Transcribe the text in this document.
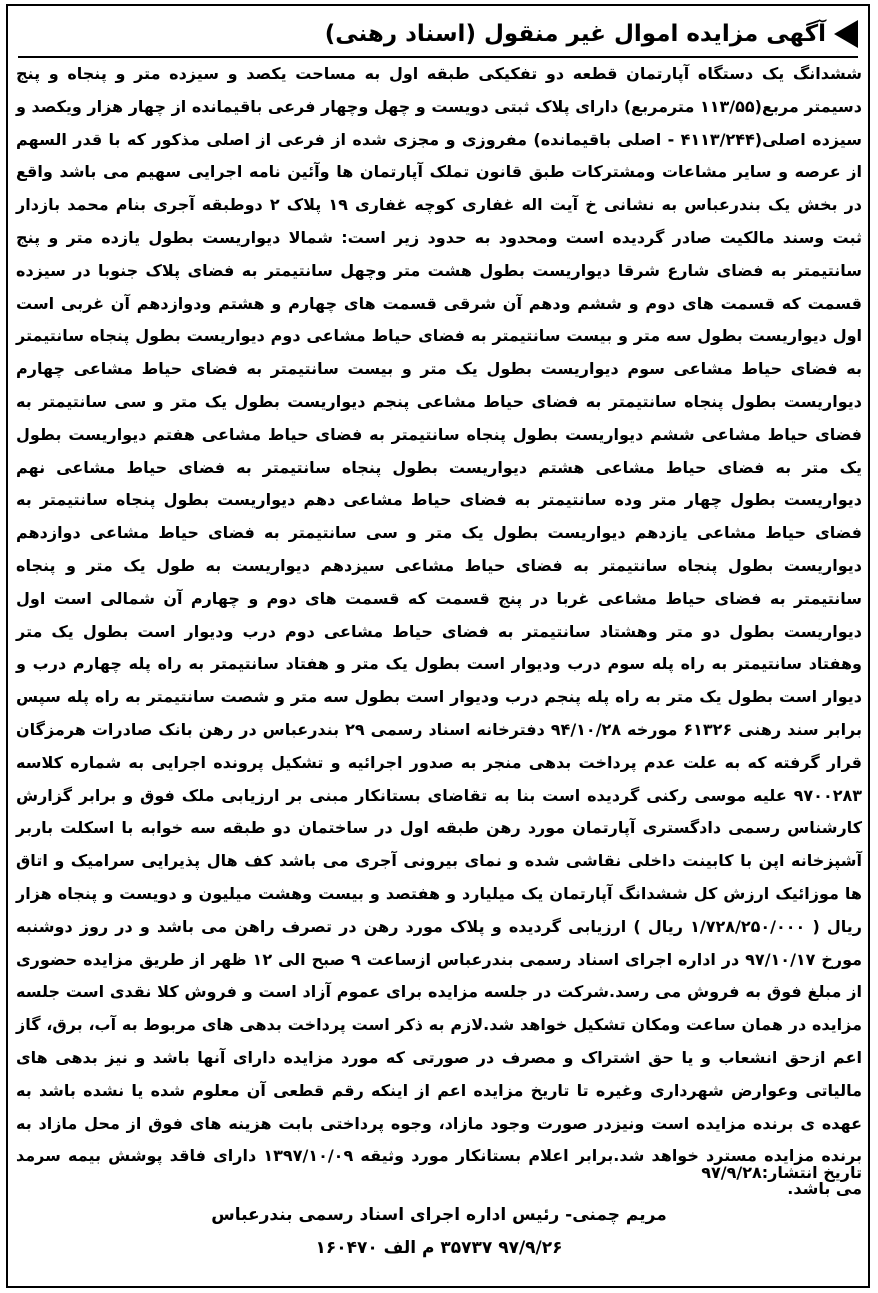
آگهی مزایده اموال غیر منقول (اسناد رهنی)
ششدانگ یک دستگاه آپارتمان قطعه دو تفکیکی طبقه اول به مساحت یکصد و سیزده متر و پنجاه و پنج دسیمتر مربع(۱۱۳/۵۵ مترمربع) دارای پلاک ثبتی دویست و چهل وچهار فرعی باقیمانده از چهار هزار ویکصد و سیزده اصلی(۴۱۱۳/۲۴۴ - اصلی باقیمانده) مفروزی و مجزی شده از فرعی از اصلی مذکور که با قدر السهم از عرصه و سایر مشاعات ومشترکات طبق قانون تملک آپارتمان ها وآئین نامه اجرایی سهیم می باشد واقع در بخش یک بندرعباس به نشانی خ آیت اله غفاری کوچه غفاری ۱۹ پلاک ۲ دوطبقه آجری بنام محمد بازدار ثبت وسند مالکیت صادر گردیده است ومحدود به حدود زیر است: شمالا دیواریست بطول یازده متر و پنج سانتیمتر به فضای شارع شرقا دیواریست بطول هشت متر وچهل سانتیمتر به فضای پلاک جنوبا در سیزده قسمت که قسمت های دوم و ششم ودهم آن شرقی قسمت های چهارم و هشتم ودوازدهم آن غربی است اول دیواریست بطول سه متر و بیست سانتیمتر به فضای حیاط مشاعی دوم دیواریست بطول پنجاه سانتیمتر به فضای حیاط مشاعی سوم دیواریست بطول یک متر و بیست سانتیمتر به فضای حیاط مشاعی چهارم دیواریست بطول پنجاه سانتیمتر به فضای حیاط مشاعی پنجم دیواریست بطول یک متر و سی سانتیمتر به فضای حیاط مشاعی ششم دیواریست بطول پنجاه سانتیمتر به فضای حیاط مشاعی هفتم دیواریست بطول یک متر به فضای حیاط مشاعی هشتم دیواریست بطول پنجاه سانتیمتر به فضای حیاط مشاعی نهم دیواریست بطول چهار متر وده سانتیمتر به فضای حیاط مشاعی دهم دیواریست بطول پنجاه سانتیمتر به فضای حیاط مشاعی یازدهم دیواریست بطول یک متر و سی سانتیمتر به فضای حیاط مشاعی دوازدهم دیواریست بطول پنجاه سانتیمتر به فضای حیاط مشاعی سیزدهم دیواریست به طول یک متر و پنجاه سانتیمتر به فضای حیاط مشاعی غربا در پنج قسمت که قسمت های دوم و چهارم آن شمالی است اول دیواریست بطول دو متر وهشتاد سانتیمتر به فضای حیاط مشاعی دوم درب ودیوار است بطول یک متر وهفتاد سانتیمتر به راه پله سوم درب ودیوار است بطول یک متر و هفتاد سانتیمتر به راه پله چهارم درب و دیوار است بطول یک متر به راه پله پنجم درب ودیوار است بطول سه متر و شصت سانتیمتر به راه پله سپس برابر سند رهنی ۶۱۳۲۶ مورخه ۹۴/۱۰/۲۸ دفترخانه اسناد رسمی ۲۹ بندرعباس در رهن بانک صادرات هرمزگان قرار گرفته که به علت عدم پرداخت بدهی منجر به صدور اجرائیه و تشکیل پرونده اجرایی به شماره کلاسه ۹۷۰۰۲۸۳ علیه موسی رکنی گردیده است بنا به تقاضای بستانکار مبنی بر ارزیابی ملک فوق و برابر گزارش کارشناس رسمی دادگستری آپارتمان مورد رهن طبقه اول در ساختمان دو طبقه سه خوابه با اسکلت باربر آشپزخانه اپن با کابینت داخلی نقاشی شده و نمای بیرونی آجری می باشد کف هال پذیرایی سرامیک و اتاق ها موزائیک ارزش کل ششدانگ آپارتمان یک میلیارد و هفتصد و بیست وهشت میلیون و دویست و پنجاه هزار ریال ( ۱/۷۲۸/۲۵۰/۰۰۰ ریال ) ارزیابی گردیده و پلاک مورد رهن در تصرف راهن می باشد و در روز دوشنبه مورخ ۹۷/۱۰/۱۷ در اداره اجرای اسناد رسمی بندرعباس ازساعت ۹ صبح الی ۱۲ ظهر از طریق مزایده حضوری از مبلغ فوق به فروش می رسد.شرکت در جلسه مزایده برای عموم آزاد است و فروش کلا نقدی است جلسه مزایده در همان ساعت ومکان تشکیل خواهد شد.لازم به ذکر است پرداخت بدهی های مربوط به آب، برق، گاز اعم ازحق انشعاب و یا حق اشتراک و مصرف در صورتی که مورد مزایده دارای آنها باشد و نیز بدهی های مالیاتی وعوارض شهرداری وغیره تا تاریخ مزایده اعم از اینکه رقم قطعی آن معلوم شده یا نشده باشد به عهده ی برنده مزایده است ونیزدر صورت وجود مازاد، وجوه پرداختی بابت هزینه های فوق از محل مازاد به برنده مزایده مسترد خواهد شد.برابر اعلام بستانکار مورد وثیقه ۱۳۹۷/۱۰/۰۹ دارای فاقد پوشش بیمه سرمد می باشد.
تاریخ انتشار:۹۷/۹/۲۸
مریم چمنی- رئیس اداره اجرای اسناد رسمی بندرعباس
۹۷/۹/۲۶ ۳۵۷۳۷ م الف ۱۶۰۴۷۰
